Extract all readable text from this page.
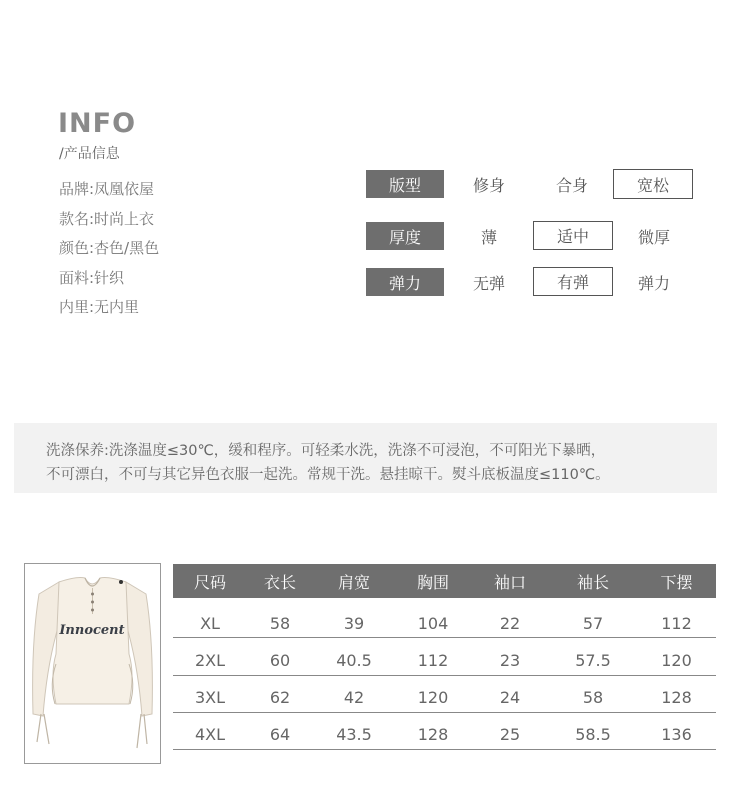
INFO
/产品信息
品牌:凤凰依屋
款名:时尚上衣
颜色:杏色/黑色
面料:针织
内里:无内里
版型	修身	合身	宽松
厚度	薄	适中	微厚
弹力	无弹	有弹	弹力
洗涤保养:洗涤温度≤30℃，缓和程序。可轻柔水洗，洗涤不可浸泡，不可阳光下暴晒，
不可漂白，不可与其它异色衣服一起洗。常规干洗。悬挂晾干。熨斗底板温度≤110℃。
Innocent
尺码	衣长	肩宽	胸围	袖口	袖长	下摆
XL	58	39	104	22	57	112
2XL	60	40.5	112	23	57.5	120
3XL	62	42	120	24	58	128
4XL	64	43.5	128	25	58.5	136
